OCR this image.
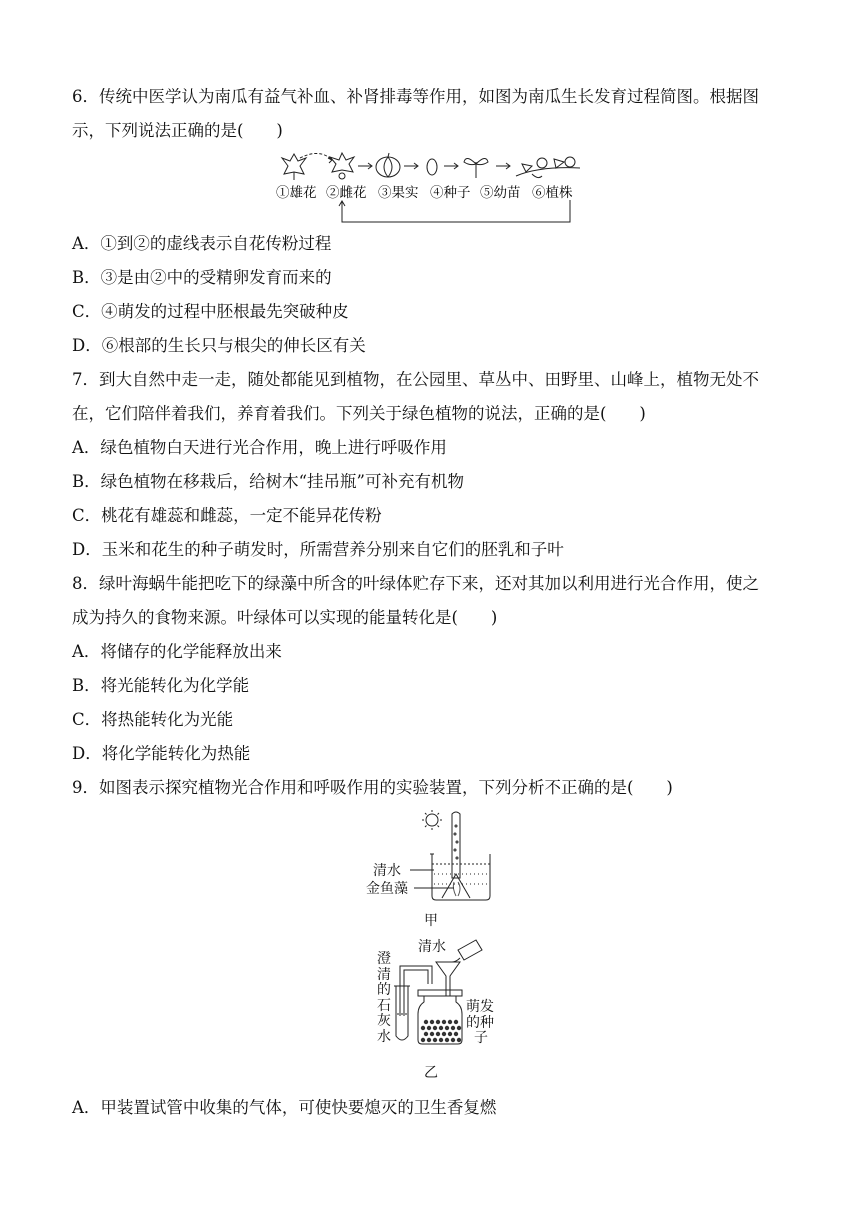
6．传统中医学认为南瓜有益气补血、补肾排毒等作用，如图为南瓜生长发育过程简图。根据图
示，下列说法正确的是(　　)
①雄花 ②雌花 ③果实 ④种子 ⑤幼苗 ⑥植株
A．①到②的虚线表示自花传粉过程
B．③是由②中的受精卵发育而来的
C．④萌发的过程中胚根最先突破种皮
D．⑥根部的生长只与根尖的伸长区有关
7．到大自然中走一走，随处都能见到植物，在公园里、草丛中、田野里、山峰上，植物无处不
在，它们陪伴着我们，养育着我们。下列关于绿色植物的说法，正确的是(　　)
A．绿色植物白天进行光合作用，晚上进行呼吸作用
B．绿色植物在移栽后，给树木“挂吊瓶”可补充有机物
C．桃花有雄蕊和雌蕊，一定不能异花传粉
D．玉米和花生的种子萌发时，所需营养分别来自它们的胚乳和子叶
8．绿叶海蜗牛能把吃下的绿藻中所含的叶绿体贮存下来，还对其加以利用进行光合作用，使之
成为持久的食物来源。叶绿体可以实现的能量转化是(　　)
A．将储存的化学能释放出来
B．将光能转化为化学能
C．将热能转化为光能
D．将化学能转化为热能
9．如图表示探究植物光合作用和呼吸作用的实验装置，下列分析不正确的是(　　)
清水
金鱼藻
甲
清水
澄
清
的
石
灰
水
萌发
的种
子
乙
A．甲装置试管中收集的气体，可使快要熄灭的卫生香复燃
